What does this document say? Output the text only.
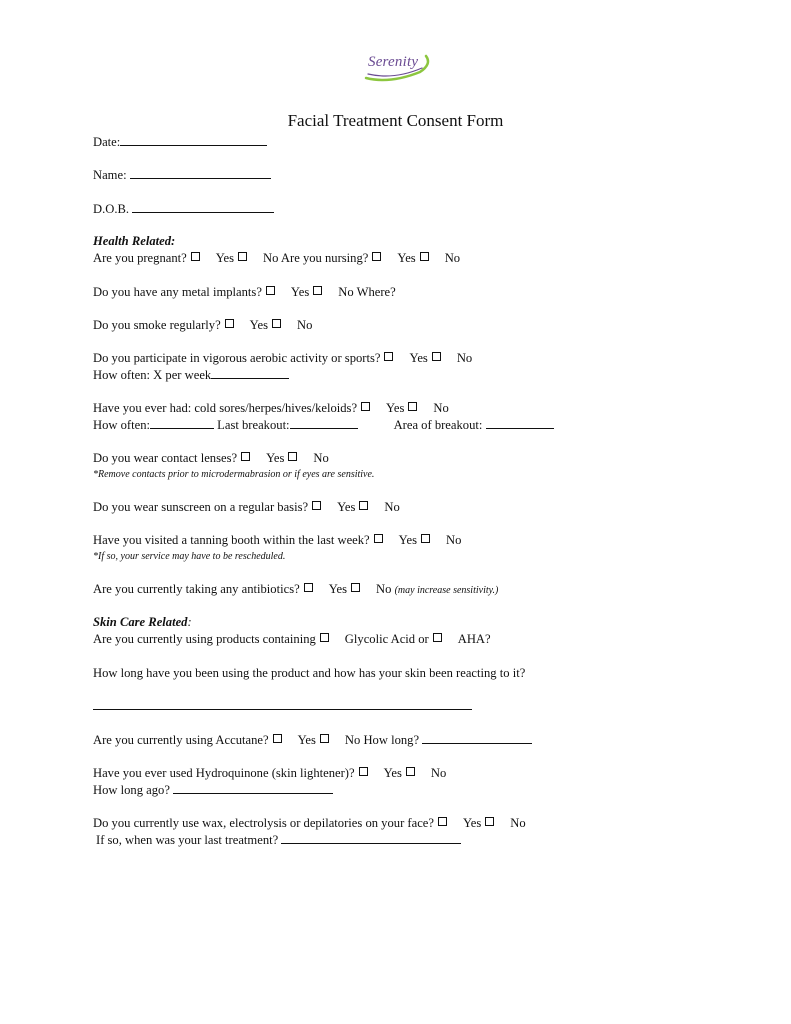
Serenity
Facial Treatment Consent Form
Date:
Name:
D.O.B.
Health Related:
Are you pregnant? Yes No Are you nursing? Yes No
Do you have any metal implants? Yes No Where?
Do you smoke regularly? Yes No
Do you participate in vigorous aerobic activity or sports? Yes No
How often: X per week
Have you ever had: cold sores/herpes/hives/keloids? Yes No
How often:	Last breakout:	Area of breakout:
Do you wear contact lenses? Yes No
*Remove contacts prior to microdermabrasion or if eyes are sensitive.
Do you wear sunscreen on a regular basis? Yes No
Have you visited a tanning booth within the last week? Yes No
*If so, your service may have to be rescheduled.
Are you currently taking any antibiotics? Yes No (may increase sensitivity.)
Skin Care Related:
Are you currently using products containing Glycolic Acid or AHA?
How long have you been using the product and how has your skin been reacting to it?
Are you currently using Accutane? Yes No How long?
Have you ever used Hydroquinone (skin lightener)? Yes No
How long ago?
Do you currently use wax, electrolysis or depilatories on your face? Yes No
If so, when was your last treatment?
